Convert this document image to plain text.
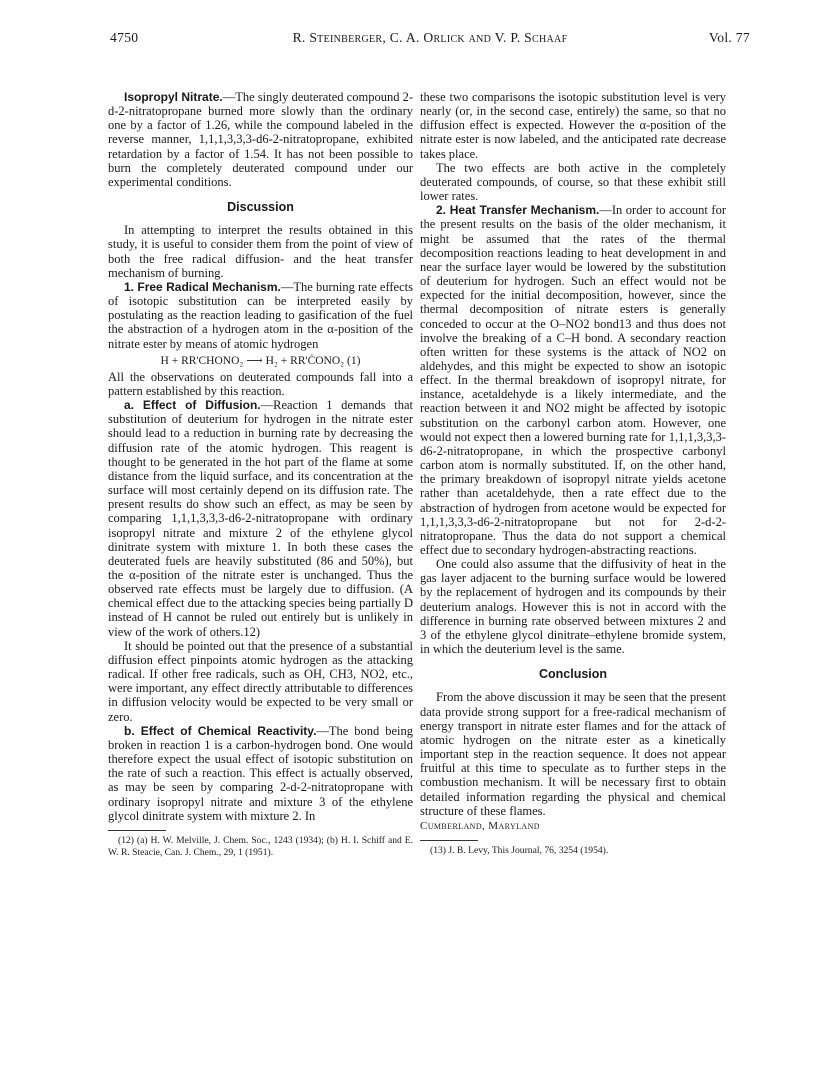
4750	R. Steinberger, C. A. Orlick and V. P. Schaaf	Vol. 77

Isopropyl Nitrate.—The singly deuterated compound 2-d-2-nitratopropane burned more slowly than the ordinary one by a factor of 1.26, while the compound labeled in the reverse manner, 1,1,1,3,3,3-d6-2-nitratopropane, exhibited retardation by a factor of 1.54. It has not been possible to burn the completely deuterated compound under our experimental conditions.

Discussion

In attempting to interpret the results obtained in this study, it is useful to consider them from the point of view of both the free radical diffusion- and the heat transfer mechanism of burning.

1. Free Radical Mechanism.—The burning rate effects of isotopic substitution can be interpreted easily by postulating as the reaction leading to gasification of the fuel the abstraction of a hydrogen atom in the α-position of the nitrate ester by means of atomic hydrogen

H + RR'CHONO₂ ⟶ H₂ + RR'ĊONO₂ (1)

All the observations on deuterated compounds fall into a pattern established by this reaction.

a. Effect of Diffusion.—Reaction 1 demands that substitution of deuterium for hydrogen in the nitrate ester should lead to a reduction in burning rate by decreasing the diffusion rate of the atomic hydrogen. This reagent is thought to be generated in the hot part of the flame at some distance from the liquid surface, and its concentration at the surface will most certainly depend on its diffusion rate. The present results do show such an effect, as may be seen by comparing 1,1,1,3,3,3-d6-2-nitratopropane with ordinary isopropyl nitrate and mixture 2 of the ethylene glycol dinitrate system with mixture 1. In both these cases the deuterated fuels are heavily substituted (86 and 50%), but the α-position of the nitrate ester is unchanged. Thus the observed rate effects must be largely due to diffusion. (A chemical effect due to the attacking species being partially D instead of H cannot be ruled out entirely but is unlikely in view of the work of others.12)

It should be pointed out that the presence of a substantial diffusion effect pinpoints atomic hydrogen as the attacking radical. If other free radicals, such as OH, CH3, NO2, etc., were important, any effect directly attributable to differences in diffusion velocity would be expected to be very small or zero.

b. Effect of Chemical Reactivity.—The bond being broken in reaction 1 is a carbon-hydrogen bond. One would therefore expect the usual effect of isotopic substitution on the rate of such a reaction. This effect is actually observed, as may be seen by comparing 2-d-2-nitratopropane with ordinary isopropyl nitrate and mixture 3 of the ethylene glycol dinitrate system with mixture 2. In

(12) (a) H. W. Melville, J. Chem. Soc., 1243 (1934); (b) H. I. Schiff and E. W. R. Steacie, Can. J. Chem., 29, 1 (1951).

these two comparisons the isotopic substitution level is very nearly (or, in the second case, entirely) the same, so that no diffusion effect is expected. However the α-position of the nitrate ester is now labeled, and the anticipated rate decrease takes place.

The two effects are both active in the completely deuterated compounds, of course, so that these exhibit still lower rates.

2. Heat Transfer Mechanism.—In order to account for the present results on the basis of the older mechanism, it might be assumed that the rates of the thermal decomposition reactions leading to heat development in and near the surface layer would be lowered by the substitution of deuterium for hydrogen. Such an effect would not be expected for the initial decomposition, however, since the thermal decomposition of nitrate esters is generally conceded to occur at the O–NO2 bond13 and thus does not involve the breaking of a C–H bond. A secondary reaction often written for these systems is the attack of NO2 on aldehydes, and this might be expected to show an isotopic effect. In the thermal breakdown of isopropyl nitrate, for instance, acetaldehyde is a likely intermediate, and the reaction between it and NO2 might be affected by isotopic substitution on the carbonyl carbon atom. However, one would not expect then a lowered burning rate for 1,1,1,3,3,3-d6-2-nitratopropane, in which the prospective carbonyl carbon atom is normally substituted. If, on the other hand, the primary breakdown of isopropyl nitrate yields acetone rather than acetaldehyde, then a rate effect due to the abstraction of hydrogen from acetone would be expected for 1,1,1,3,3,3-d6-2-nitratopropane but not for 2-d-2-nitratopropane. Thus the data do not support a chemical effect due to secondary hydrogen-abstracting reactions.

One could also assume that the diffusivity of heat in the gas layer adjacent to the burning surface would be lowered by the replacement of hydrogen and its compounds by their deuterium analogs. However this is not in accord with the difference in burning rate observed between mixtures 2 and 3 of the ethylene glycol dinitrate–ethylene bromide system, in which the deuterium level is the same.

Conclusion

From the above discussion it may be seen that the present data provide strong support for a free-radical mechanism of energy transport in nitrate ester flames and for the attack of atomic hydrogen on the nitrate ester as a kinetically important step in the reaction sequence. It does not appear fruitful at this time to speculate as to further steps in the combustion mechanism. It will be necessary first to obtain detailed information regarding the physical and chemical structure of these flames.

Cumberland, Maryland

(13) J. B. Levy, This Journal, 76, 3254 (1954).
